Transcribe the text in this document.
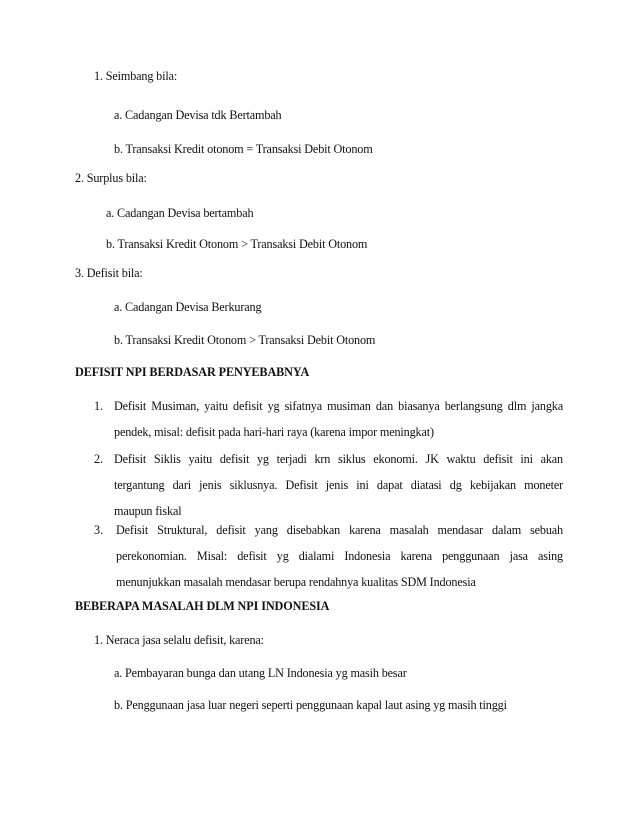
1. Seimbang bila:
a. Cadangan Devisa tdk Bertambah
b. Transaksi Kredit otonom = Transaksi Debit Otonom
2. Surplus bila:
a. Cadangan Devisa bertambah
b. Transaksi Kredit Otonom > Transaksi Debit Otonom
3. Defisit bila:
a. Cadangan Devisa Berkurang
b. Transaksi Kredit Otonom > Transaksi Debit Otonom
DEFISIT NPI BERDASAR PENYEBABNYA
1. Defisit Musiman, yaitu defisit yg sifatnya musiman dan biasanya berlangsung dlm jangka
pendek, misal: defisit pada hari-hari raya (karena impor meningkat)
2. Defisit Siklis yaitu defisit yg terjadi krn siklus ekonomi. JK waktu defisit ini akan
tergantung dari jenis siklusnya. Defisit jenis ini dapat diatasi dg kebijakan moneter
maupun fiskal
3. Defisit Struktural, defisit yang disebabkan karena masalah mendasar dalam sebuah
perekonomian. Misal: defisit yg dialami Indonesia karena penggunaan jasa asing
menunjukkan masalah mendasar berupa rendahnya kualitas SDM Indonesia
BEBERAPA MASALAH DLM NPI INDONESIA
1. Neraca jasa selalu defisit, karena:
a. Pembayaran bunga dan utang LN Indonesia yg masih besar
b. Penggunaan jasa luar negeri seperti penggunaan kapal laut asing yg masih tinggi
